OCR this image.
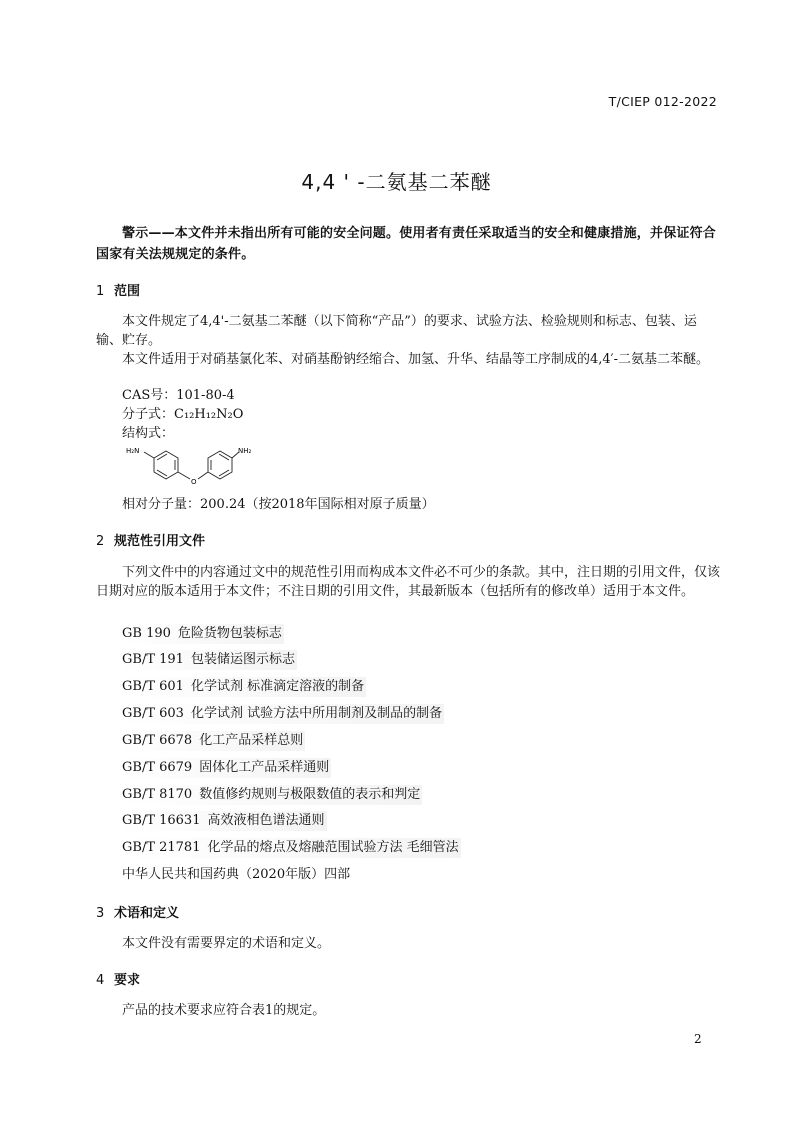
T/CIEP 012-2022
4,4 ' -二氨基二苯醚
警示——本文件并未指出所有可能的安全问题。使用者有责任采取适当的安全和健康措施，并保证符合国家有关法规规定的条件。
1 范围
本文件规定了4,4'-二氨基二苯醚（以下简称“产品”）的要求、试验方法、检验规则和标志、包装、运输、贮存。
本文件适用于对硝基氯化苯、对硝基酚钠经缩合、加氢、升华、结晶等工序制成的4,4′-二氨基二苯醚。
CAS号：101-80-4
分子式：C₁₂H₁₂N₂O
结构式：
H₂N	NH₂
O
相对分子量：200.24（按2018年国际相对原子质量）
2 规范性引用文件
下列文件中的内容通过文中的规范性引用而构成本文件必不可少的条款。其中，注日期的引用文件，仅该日期对应的版本适用于本文件；不注日期的引用文件，其最新版本（包括所有的修改单）适用于本文件。
GB 190 危险货物包装标志
GB/T 191 包装储运图示标志
GB/T 601 化学试剂 标准滴定溶液的制备
GB/T 603 化学试剂 试验方法中所用制剂及制品的制备
GB/T 6678 化工产品采样总则
GB/T 6679 固体化工产品采样通则
GB/T 8170 数值修约规则与极限数值的表示和判定
GB/T 16631 高效液相色谱法通则
GB/T 21781 化学品的熔点及熔融范围试验方法 毛细管法
中华人民共和国药典（2020年版）四部
3 术语和定义
本文件没有需要界定的术语和定义。
4 要求
产品的技术要求应符合表1的规定。
2
